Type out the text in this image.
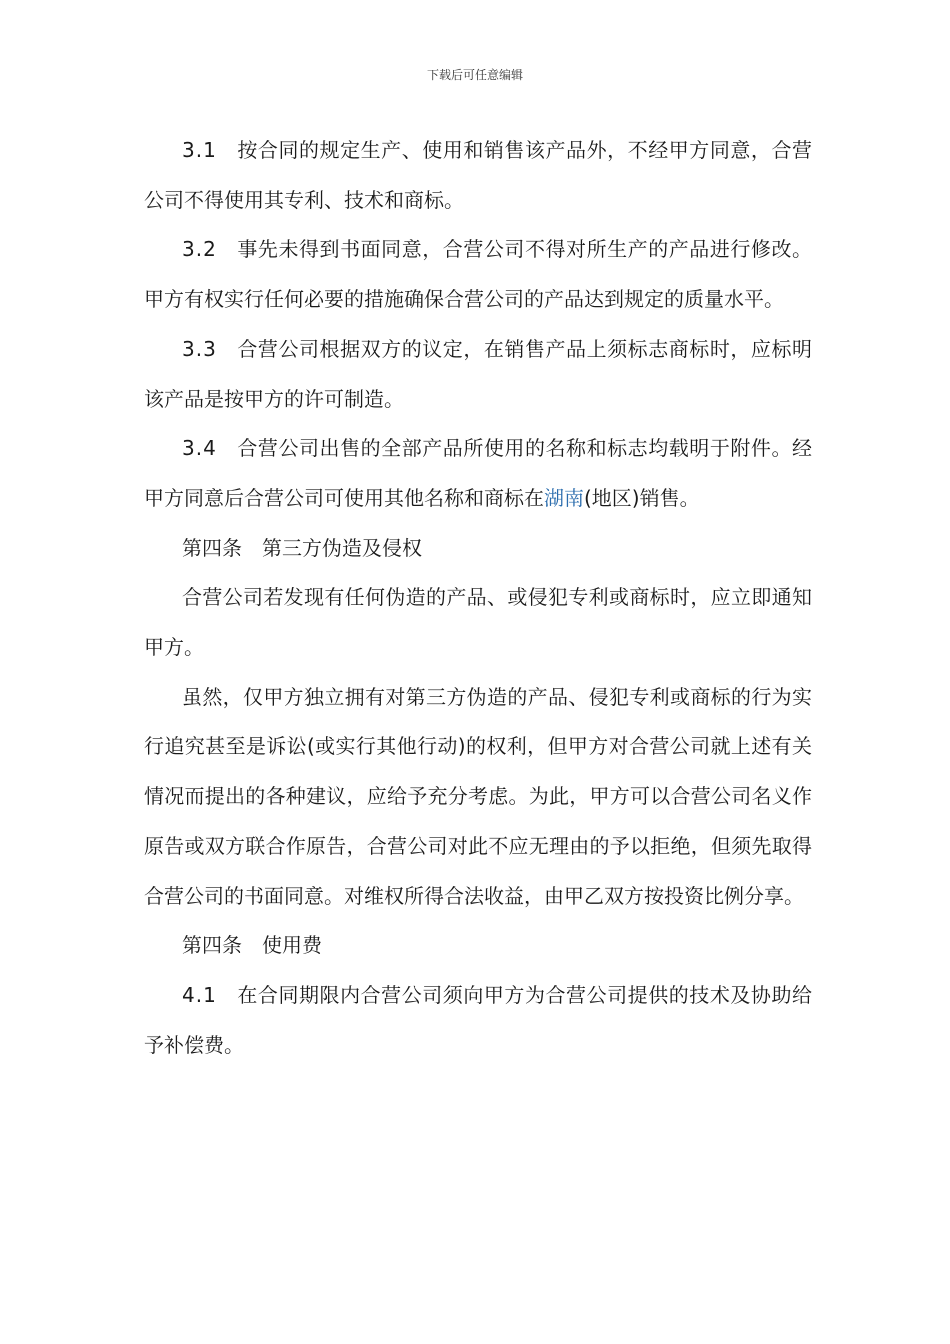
下载后可任意编辑

3.1 按合同的规定生产、使用和销售该产品外，不经甲方同意，合营公司不得使用其专利、技术和商标。

3.2 事先未得到书面同意，合营公司不得对所生产的产品进行修改。甲方有权实行任何必要的措施确保合营公司的产品达到规定的质量水平。

3.3 合营公司根据双方的议定，在销售产品上须标志商标时，应标明该产品是按甲方的许可制造。

3.4 合营公司出售的全部产品所使用的名称和标志均载明于附件。经甲方同意后合营公司可使用其他名称和商标在湖南(地区)销售。

第四条 第三方伪造及侵权

合营公司若发现有任何伪造的产品、或侵犯专利或商标时，应立即通知甲方。

虽然，仅甲方独立拥有对第三方伪造的产品、侵犯专利或商标的行为实行追究甚至是诉讼(或实行其他行动)的权利，但甲方对合营公司就上述有关情况而提出的各种建议，应给予充分考虑。为此，甲方可以合营公司名义作原告或双方联合作原告，合营公司对此不应无理由的予以拒绝，但须先取得合营公司的书面同意。对维权所得合法收益，由甲乙双方按投资比例分享。

第四条 使用费

4.1 在合同期限内合营公司须向甲方为合营公司提供的技术及协助给予补偿费。
